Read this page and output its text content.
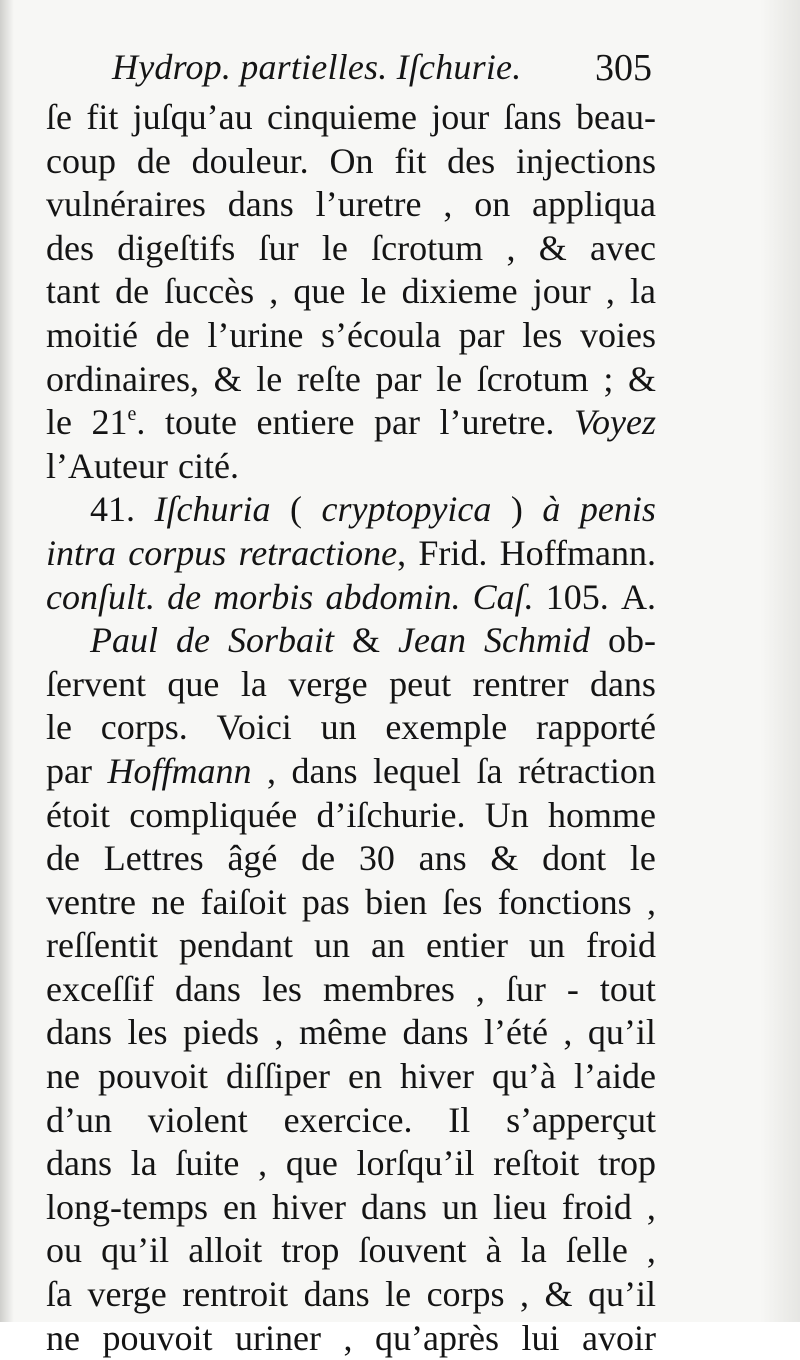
Hydrop. partielles. Iſchurie. 305
ſe fit juſqu’au cinquieme jour ſans beau-
coup de douleur. On fit des injections
vulnéraires dans l’uretre , on appliqua
des digeſtifs ſur le ſcrotum , & avec
tant de ſuccès , que le dixieme jour , la
moitié de l’urine s’écoula par les voies
ordinaires, & le reſte par le ſcrotum ; &
le 21e. toute entiere par l’uretre. Voyez
l’Auteur cité.
41. Iſchuria ( cryptopyica ) à penis
intra corpus retractione, Frid. Hoffmann.
conſult. de morbis abdomin. Caſ. 105. A.
Paul de Sorbait & Jean Schmid ob-
ſervent que la verge peut rentrer dans
le corps. Voici un exemple rapporté
par Hoffmann , dans lequel ſa rétraction
étoit compliquée d’iſchurie. Un homme
de Lettres âgé de 30 ans & dont le
ventre ne faiſoit pas bien ſes fonctions ,
reſſentit pendant un an entier un froid
exceſſif dans les membres , ſur - tout
dans les pieds , même dans l’été , qu’il
ne pouvoit diſſiper en hiver qu’à l’aide
d’un violent exercice. Il s’apperçut
dans la ſuite , que lorſqu’il reſtoit trop
long-temps en hiver dans un lieu froid ,
ou qu’il alloit trop ſouvent à la ſelle ,
ſa verge rentroit dans le corps , & qu’il
ne pouvoit uriner , qu’après lui avoir
